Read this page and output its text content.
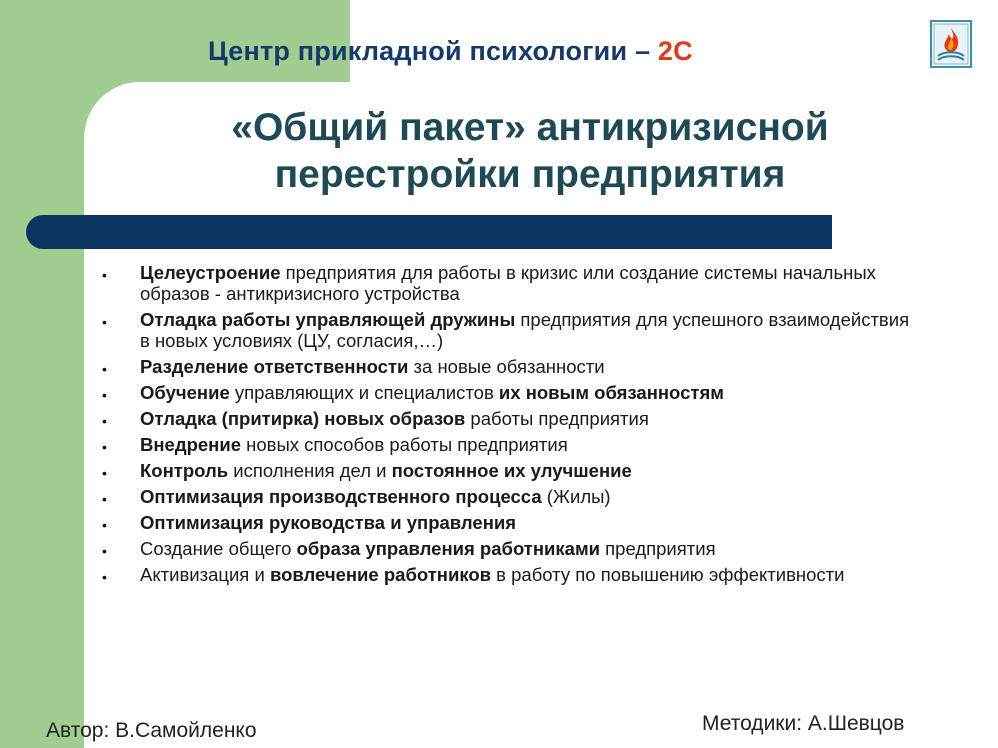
Центр прикладной психологии – 2С
«Общий пакет» антикризисной
перестройки предприятия
• Целеустроение предприятия для работы в кризис или создание системы начальных образов - антикризисного устройства
• Отладка работы управляющей дружины предприятия для успешного взаимодействия в новых условиях (ЦУ, согласия,…)
• Разделение ответственности за новые обязанности
• Обучение управляющих и специалистов их новым обязанностям
• Отладка (притирка) новых образов работы предприятия
• Внедрение новых способов работы предприятия
• Контроль исполнения дел и постоянное их улучшение
• Оптимизация производственного процесса (Жилы)
• Оптимизация руководства и управления
• Создание общего образа управления работниками предприятия
• Активизация и вовлечение работников в работу по повышению эффективности
Автор: В.Самойленко	Методики: А.Шевцов
